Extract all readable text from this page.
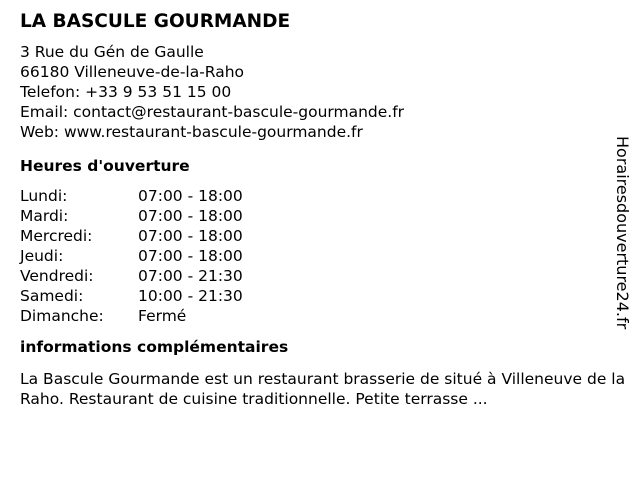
LA BASCULE GOURMANDE
3 Rue du Gén de Gaulle
66180 Villeneuve-de-la-Raho
Telefon: +33 9 53 51 15 00
Email: contact@restaurant-bascule-gourmande.fr
Web: www.restaurant-bascule-gourmande.fr
Heures d'ouverture
Lundi:	07:00 - 18:00
Mardi:	07:00 - 18:00
Mercredi:	07:00 - 18:00
Jeudi:	07:00 - 18:00
Vendredi:	07:00 - 21:30
Samedi:	10:00 - 21:30
Dimanche:	Fermé
informations complémentaires
La Bascule Gourmande est un restaurant brasserie de situé à Villeneuve de la Raho. Restaurant de cuisine traditionnelle. Petite terrasse ...
Horairesdouverture24.fr
